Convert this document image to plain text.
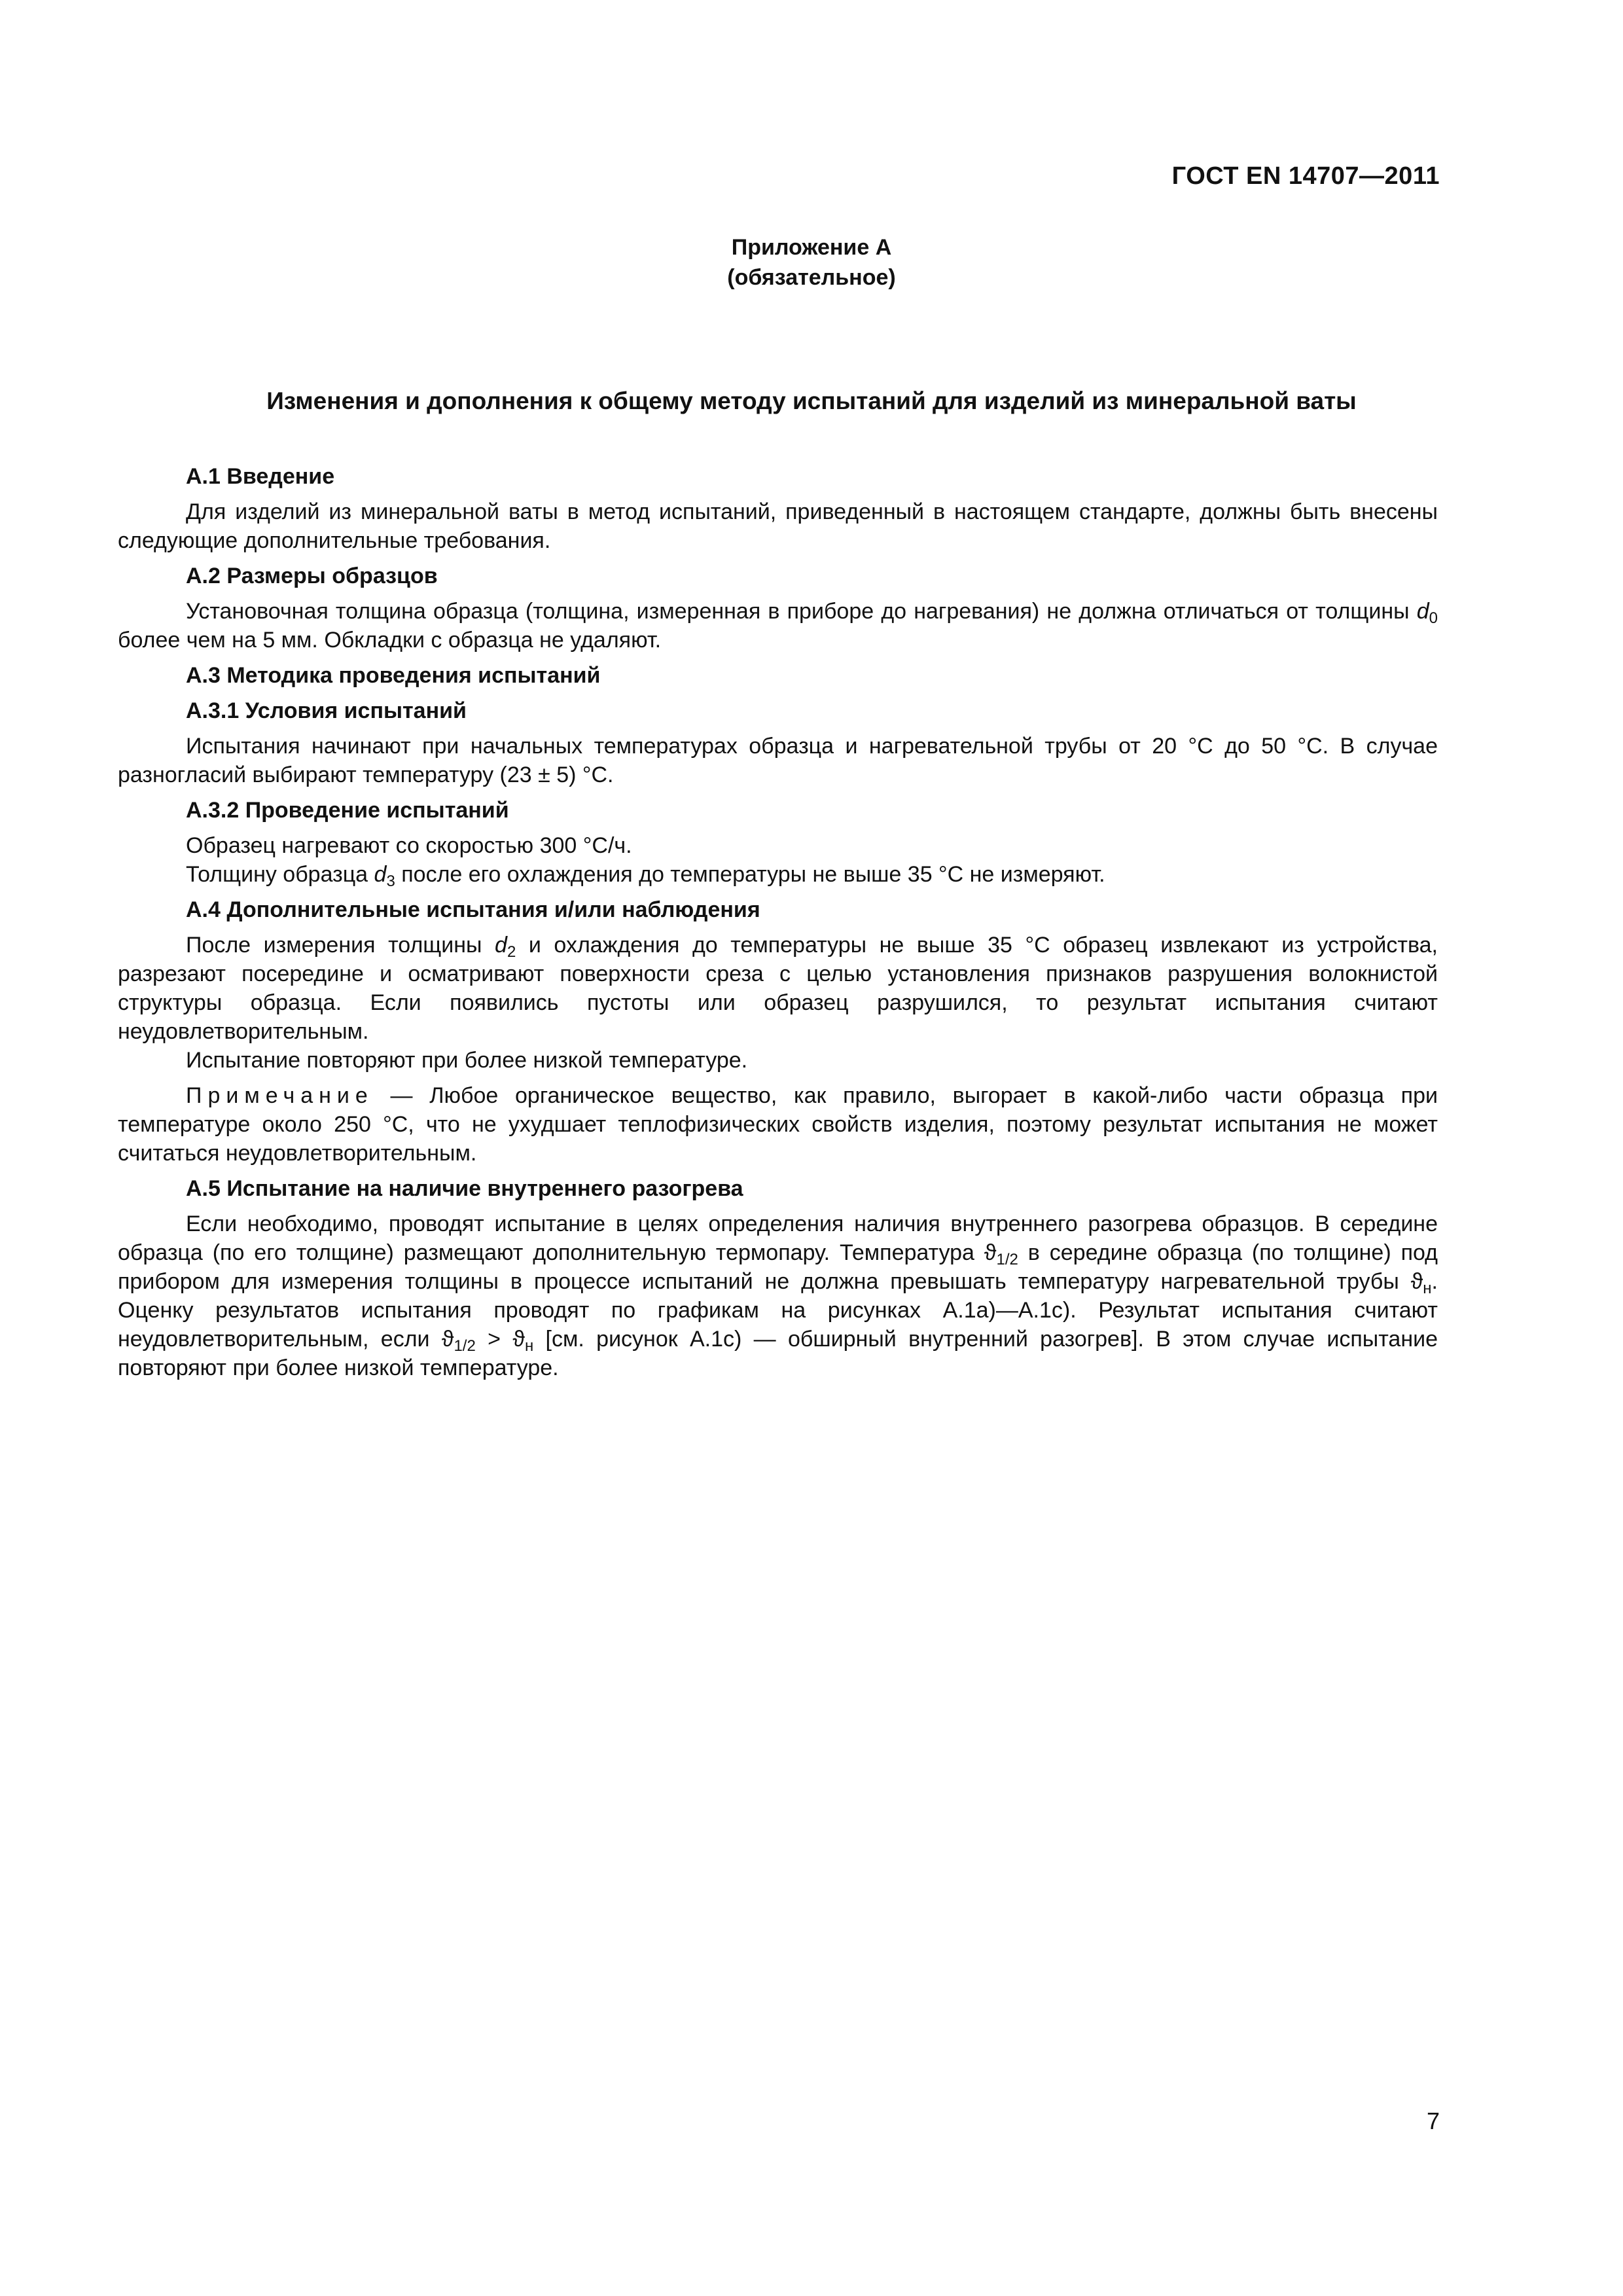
ГОСТ EN 14707—2011
Приложение А
(обязательное)
Изменения и дополнения к общему методу испытаний для изделий из минеральной ваты
А.1 Введение

Для изделий из минеральной ваты в метод испытаний, приведенный в настоящем стандарте, должны быть внесены следующие дополнительные требования.

А.2 Размеры образцов

Установочная толщина образца (толщина, измеренная в приборе до нагревания) не должна отличаться от толщины $d_0$ более чем на 5 мм. Обкладки с образца не удаляют.

А.3 Методика проведения испытаний
А.3.1 Условия испытаний

Испытания начинают при начальных температурах образца и нагревательной трубы от 20 °С до 50 °С. В случае разногласий выбирают температуру (23 ± 5) °С.

А.3.2 Проведение испытаний

Образец нагревают со скоростью 300 °С/ч.

Толщину образца $d_3$ после его охлаждения до температуры не выше 35 °С не измеряют.

А.4 Дополнительные испытания и/или наблюдения

После измерения толщины $d_2$ и охлаждения до температуры не выше 35 °С образец извлекают из устройства, разрезают посередине и осматривают поверхности среза с целью установления признаков разрушения волокнистой структуры образца. Если появились пустоты или образец разрушился, то результат испытания считают неудовлетворительным.

Испытание повторяют при более низкой температуре.

Примечание — Любое органическое вещество, как правило, выгорает в какой-либо части образца при температуре около 250 °С, что не ухудшает теплофизических свойств изделия, поэтому результат испытания не может считаться неудовлетворительным.

А.5 Испытание на наличие внутреннего разогрева

Если необходимо, проводят испытание в целях определения наличия внутреннего разогрева образцов. В середине образца (по его толщине) размещают дополнительную термопару. Температура $ϑ_{1/2}$ в середине образца (по толщине) под прибором для измерения толщины в процессе испытаний не должна превышать температуру нагревательной трубы $ϑ_н$. Оценку результатов испытания проводят по графикам на рисунках А.1а)—А.1с). Результат испытания считают неудовлетворительным, если $ϑ_{1/2} > ϑ_н$ [см. рисунок А.1с) — обширный внутренний разогрев]. В этом случае испытание повторяют при более низкой температуре.

7
